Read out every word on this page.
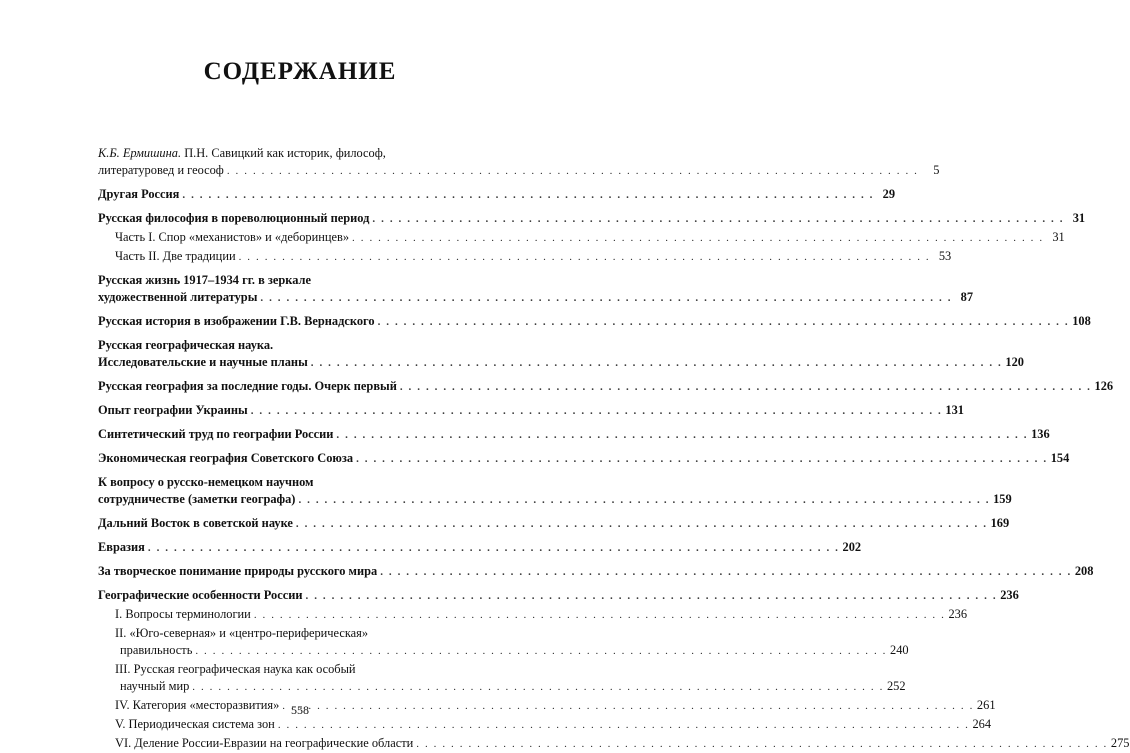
СОДЕРЖАНИЕ
К.Б. Ермишина. П.Н. Савицкий как историк, философ,
литературовед и геософ . . .	5
Другая Россия . . .	29
Русская философия в пореволюционный период . . .	31
Часть I. Спор «механистов» и «деборинцев» . . .	31
Часть II. Две традиции . . .	53
Русская жизнь 1917–1934 гг. в зеркале
художественной литературы . . .	87
Русская история в изображении Г.В. Вернадского . . .	108
Русская географическая наука.
Исследовательские и научные планы . . .	120
Русская география за последние годы. Очерк первый . . .	126
Опыт географии Украины . . .	131
Синтетический труд по географии России . . .	136
Экономическая география Советского Союза . . .	154
К вопросу о русско-немецком научном
сотрудничестве (заметки географа) . . .	159
Дальний Восток в советской науке . . .	169
Евразия . . .	202
За творческое понимание природы русского мира . . .	208
Географические особенности России . . .	236
I. Вопросы терминологии . . .	236
II. «Юго-северная» и «центро-периферическая»
правильность . . .	240
III. Русская географическая наука как особый
научный мир . . .	252
IV. Категория «месторазвития» . . .	261
V. Периодическая система зон . . .	264
VI. Деление России-Евразии на географические области . . .	275
558
